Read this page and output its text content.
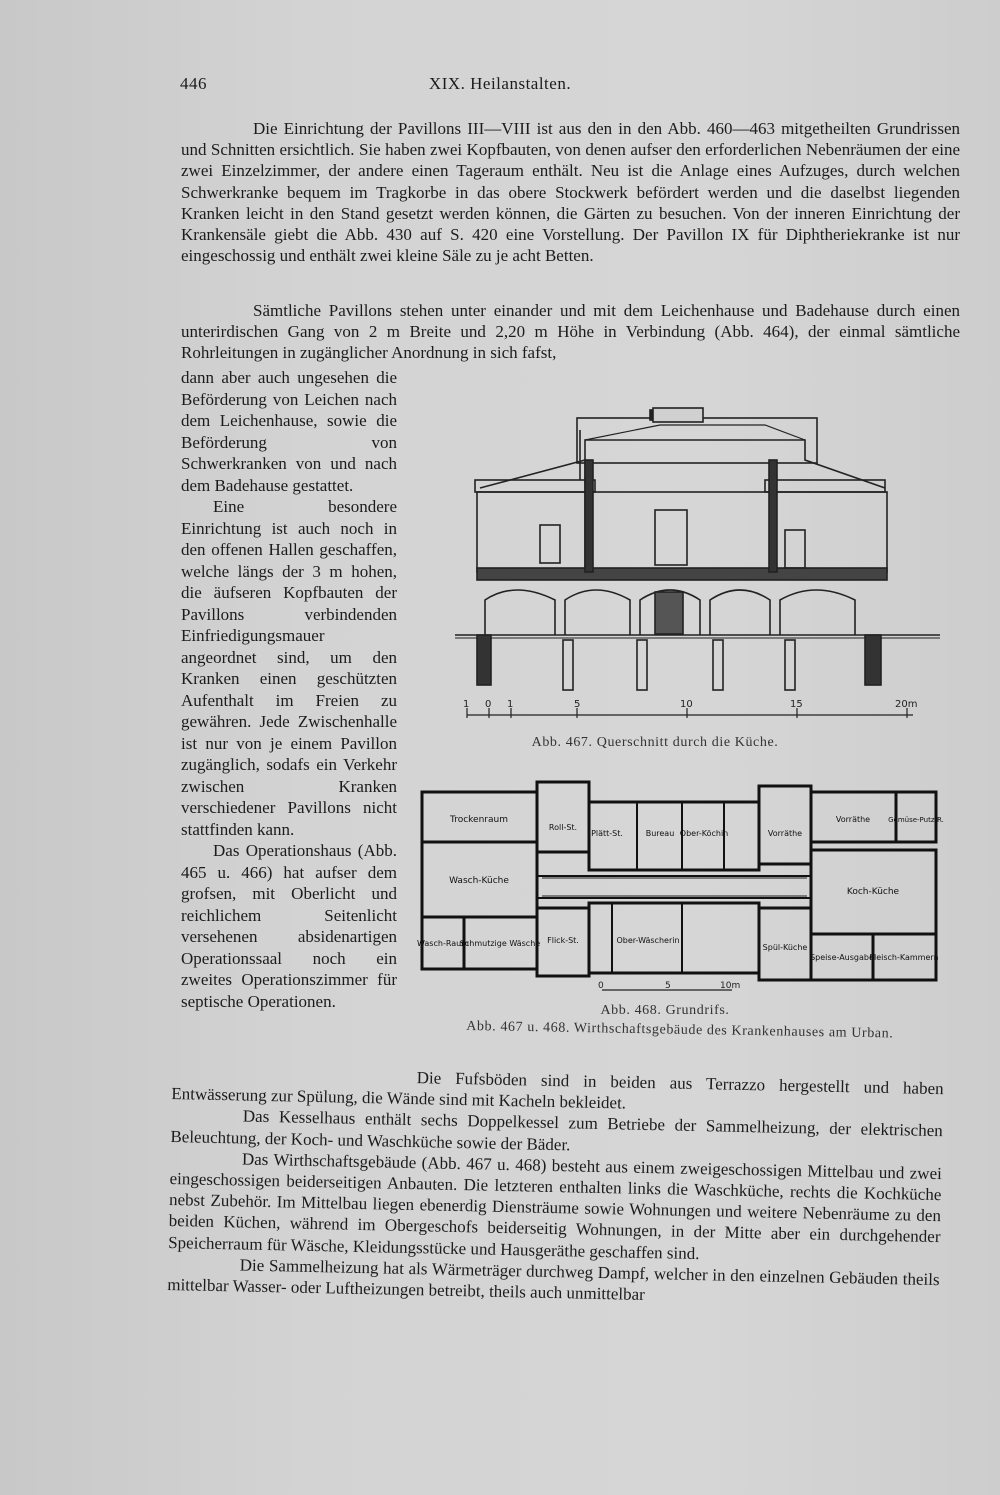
446	XIX. Heilanstalten.

Die Einrichtung der Pavillons III—VIII ist aus den in den Abb. 460—463 mitgetheilten Grundrissen und Schnitten ersichtlich. Sie haben zwei Kopfbauten, von denen aufser den erforderlichen Nebenräumen der eine zwei Einzelzimmer, der andere einen Tageraum enthält. Neu ist die Anlage eines Aufzuges, durch welchen Schwerkranke bequem im Tragkorbe in das obere Stockwerk befördert werden und die daselbst liegenden Kranken leicht in den Stand gesetzt werden können, die Gärten zu besuchen. Von der inneren Einrichtung der Krankensäle giebt die Abb. 430 auf S. 420 eine Vorstellung. Der Pavillon IX für Diphtheriekranke ist nur eingeschossig und enthält zwei kleine Säle zu je acht Betten.

Sämtliche Pavillons stehen unter einander und mit dem Leichenhause und Badehause durch einen unterirdischen Gang von 2 m Breite und 2,20 m Höhe in Verbindung (Abb. 464), der einmal sämtliche Rohrleitungen in zugänglicher Anordnung in sich fafst,

dann aber auch ungesehen die Beförderung von Leichen nach dem Leichenhause, sowie die Beförderung von Schwerkranken von und nach dem Badehause gestattet.

Eine besondere Einrichtung ist auch noch in den offenen Hallen geschaffen, welche längs der 3 m hohen, die äufseren Kopfbauten der Pavillons verbindenden Einfriedigungsmauer angeordnet sind, um den Kranken einen geschützten Aufenthalt im Freien zu gewähren. Jede Zwischenhalle ist nur von je einem Pavillon zugänglich, sodafs ein Verkehr zwischen Kranken verschiedener Pavillons nicht stattfinden kann.

Das Operationshaus (Abb. 465 u. 466) hat aufser dem grofsen, mit Oberlicht und reichlichem Seitenlicht versehenen absidenartigen Operationssaal noch ein zweites Operationszimmer für septische Operationen.

Die Fufsböden sind in beiden aus Terrazzo hergestellt und haben Entwässerung zur Spülung, die Wände sind mit Kacheln bekleidet.

Das Kesselhaus enthält sechs Doppelkessel zum Betriebe der Sammelheizung, der elektrischen Beleuchtung, der Koch- und Waschküche sowie der Bäder.

Das Wirthschaftsgebäude (Abb. 467 u. 468) besteht aus einem zweigeschossigen Mittelbau und zwei eingeschossigen beiderseitigen Anbauten. Die letzteren enthalten links die Waschküche, rechts die Kochküche nebst Zubehör. Im Mittelbau liegen ebenerdig Diensträume sowie Wohnungen und weitere Nebenräume zu den beiden Küchen, während im Obergeschofs beiderseitig Wohnungen, in der Mitte aber ein durchgehender Speicherraum für Wäsche, Kleidungsstücke und Hausgeräthe geschaffen sind.

Die Sammelheizung hat als Wärmeträger durchweg Dampf, welcher in den einzelnen Gebäuden theils mittelbar Wasser- oder Luftheizungen betreibt, theils auch unmittelbar

1 0 1	5	10	15	20m
Abb. 467. Querschnitt durch die Küche.
Trockenraum
Wasch-Küche
Wasch-Raum
Schmutzige Wäsche
Roll-St.
Plätt-St.
Flick-St.
Bureau Ober-Köchin
Ober-Wäscherin
Vorräthe
Vorräthe	Gemüse-Putz-R.
Koch-Küche
Spül-Küche
Speise-Ausgabe
Fleisch-Kammern
0	5	10m
Abb. 468. Grundrifs.
Abb. 467 u. 468. Wirthschaftsgebäude des Krankenhauses am Urban.
